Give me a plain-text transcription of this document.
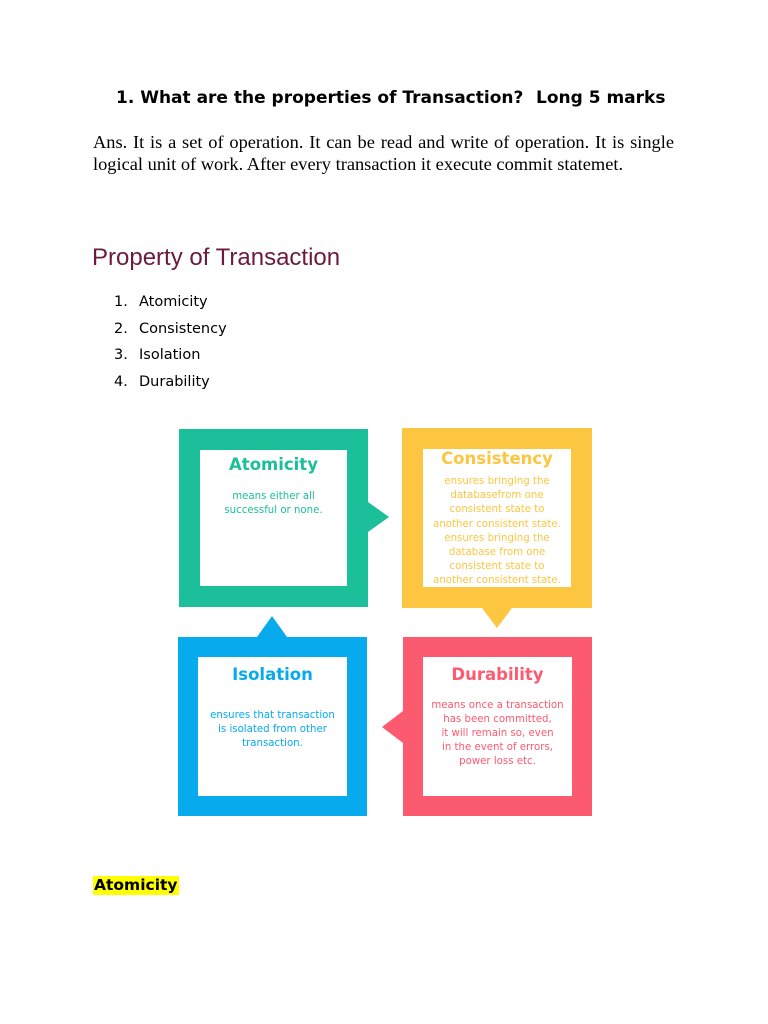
1. What are the properties of Transaction? Long 5 marks
Ans. It is a set of operation. It can be read and write of operation. It is single logical unit of work. After every transaction it execute commit statemet.
Property of Transaction
1. Atomicity
2. Consistency
3. Isolation
4. Durability
Atomicity
means either all
successful or none.
Consistency
ensures bringing the
databasefrom one
consistent state to
another consistent state.
ensures bringing the
database from one
consistent state to
another consistent state.
Isolation
ensures that transaction
is isolated from other
transaction.
Durability
means once a transaction
has been committed,
it will remain so, even
in the event of errors,
power loss etc.
Atomicity
